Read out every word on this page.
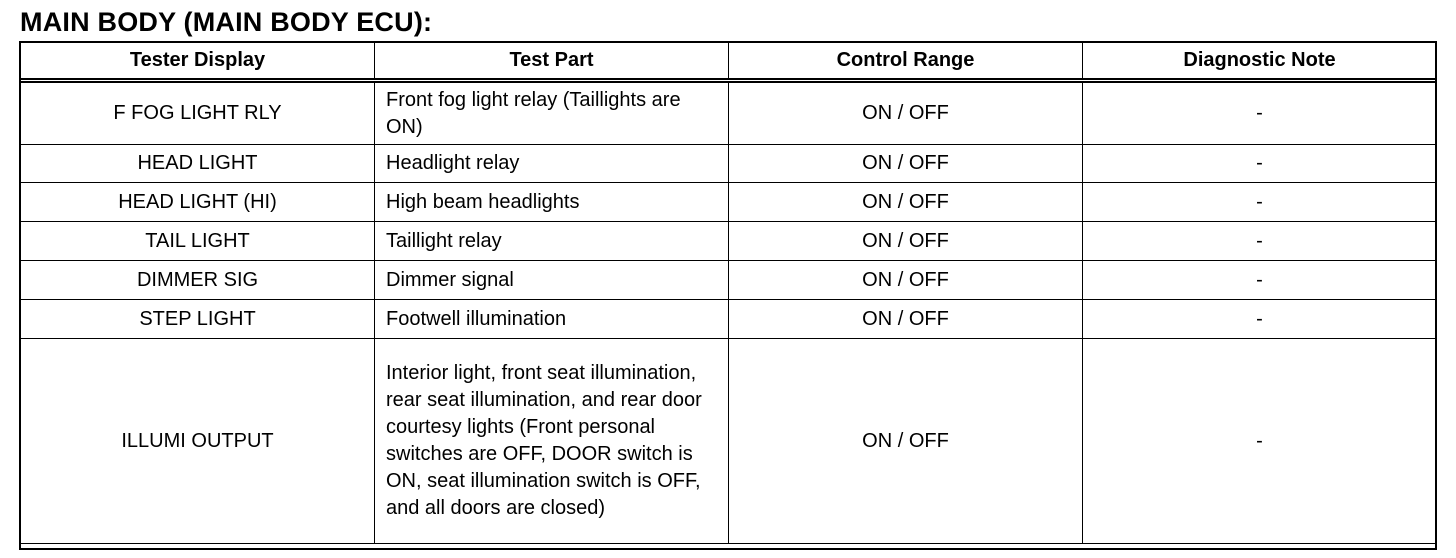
MAIN BODY (MAIN BODY ECU):
Tester Display	Test Part	Control Range	Diagnostic Note
F FOG LIGHT RLY	Front fog light relay (Taillights are ON)	ON / OFF	-
HEAD LIGHT	Headlight relay	ON / OFF	-
HEAD LIGHT (HI)	High beam headlights	ON / OFF	-
TAIL LIGHT	Taillight relay	ON / OFF	-
DIMMER SIG	Dimmer signal	ON / OFF	-
STEP LIGHT	Footwell illumination	ON / OFF	-
ILLUMI OUTPUT	Interior light, front seat illumination, rear seat illumination, and rear door courtesy lights (Front personal switches are OFF, DOOR switch is ON, seat illumination switch is OFF, and all doors are closed)	ON / OFF	-
